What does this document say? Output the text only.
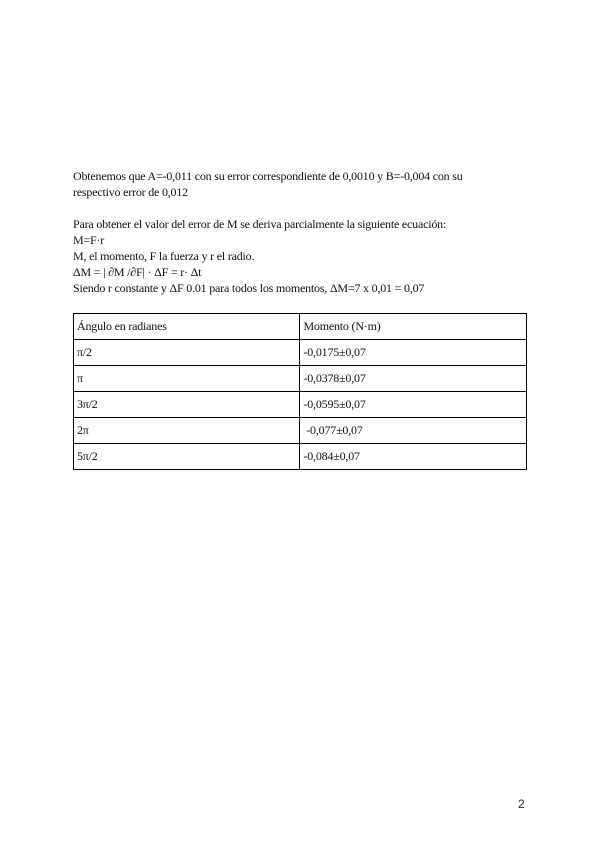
Obtenemos que A=-0,011 con su error correspondiente de 0,0010 y B=-0,004 con su
respectivo error de 0,012
Para obtener el valor del error de M se deriva parcialmente la siguiente ecuación:
M=F·r
M, el momento, F la fuerza y r el radio.
ΔM = | ∂M /∂F| · ΔF = r· Δt
Siendo r constante y ΔF 0.01 para todos los momentos, ΔM=7 x 0,01 = 0,07
Ángulo en radianes	Momento (N·m)
π/2	-0,0175±0,07
π	-0,0378±0,07
3π/2	-0,0595±0,07
2π	-0,077±0,07
5π/2	-0,084±0,07
2
